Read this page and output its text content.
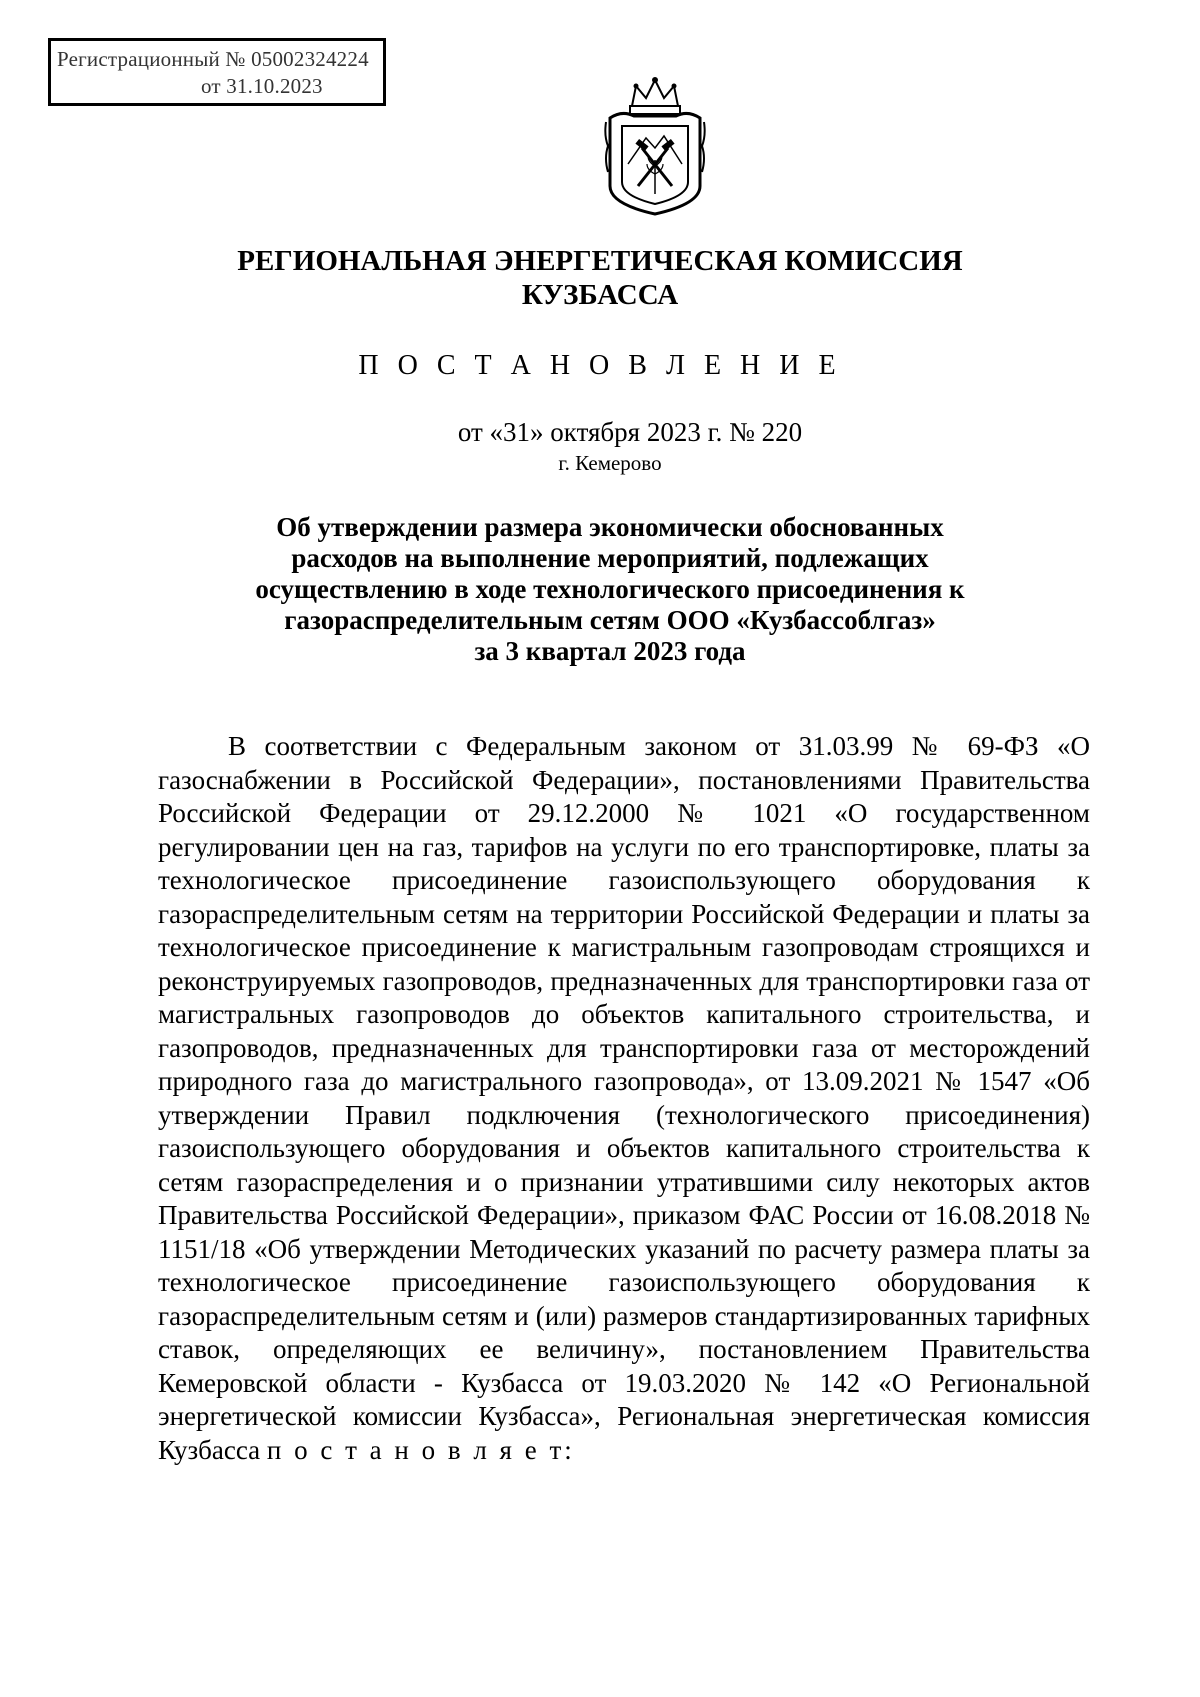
Регистрационный № 05002324224
от 31.10.2023
РЕГИОНАЛЬНАЯ ЭНЕРГЕТИЧЕСКАЯ КОМИССИЯ
КУЗБАССА
П О С Т А Н О В Л Е Н И Е
от «31» октября 2023 г. № 220
г. Кемерово
Об утверждении размера экономически обоснованных
расходов на выполнение мероприятий, подлежащих
осуществлению в ходе технологического присоединения к
газораспределительным сетям ООО «Кузбассоблгаз»
за 3 квартал 2023 года

В соответствии с Федеральным законом от 31.03.99 № 69-ФЗ «О газоснабжении в Российской Федерации», постановлениями Правительства Российской Федерации от 29.12.2000 № 1021 «О государственном регулировании цен на газ, тарифов на услуги по его транспортировке, платы за технологическое присоединение газоиспользующего оборудования к газораспределительным сетям на территории Российской Федерации и платы за технологическое присоединение к магистральным газопроводам строящихся и реконструируемых газопроводов, предназначенных для транспортировки газа от магистральных газопроводов до объектов капитального строительства, и газопроводов, предназначенных для транспортировки газа от месторождений природного газа до магистрального газопровода», от 13.09.2021 № 1547 «Об утверждении Правил подключения (технологического присоединения) газоиспользующего оборудования и объектов капитального строительства к сетям газораспределения и о признании утратившими силу некоторых актов Правительства Российской Федерации», приказом ФАС России от 16.08.2018 № 1151/18 «Об утверждении Методических указаний по расчету размера платы за технологическое присоединение газоиспользующего оборудования к газораспределительным сетям и (или) размеров стандартизированных тарифных ставок, определяющих ее величину», постановлением Правительства Кемеровской области - Кузбасса от 19.03.2020 № 142 «О Региональной энергетической комиссии Кузбасса», Региональная энергетическая комиссия Кузбасса п о с т а н о в л я е т:
